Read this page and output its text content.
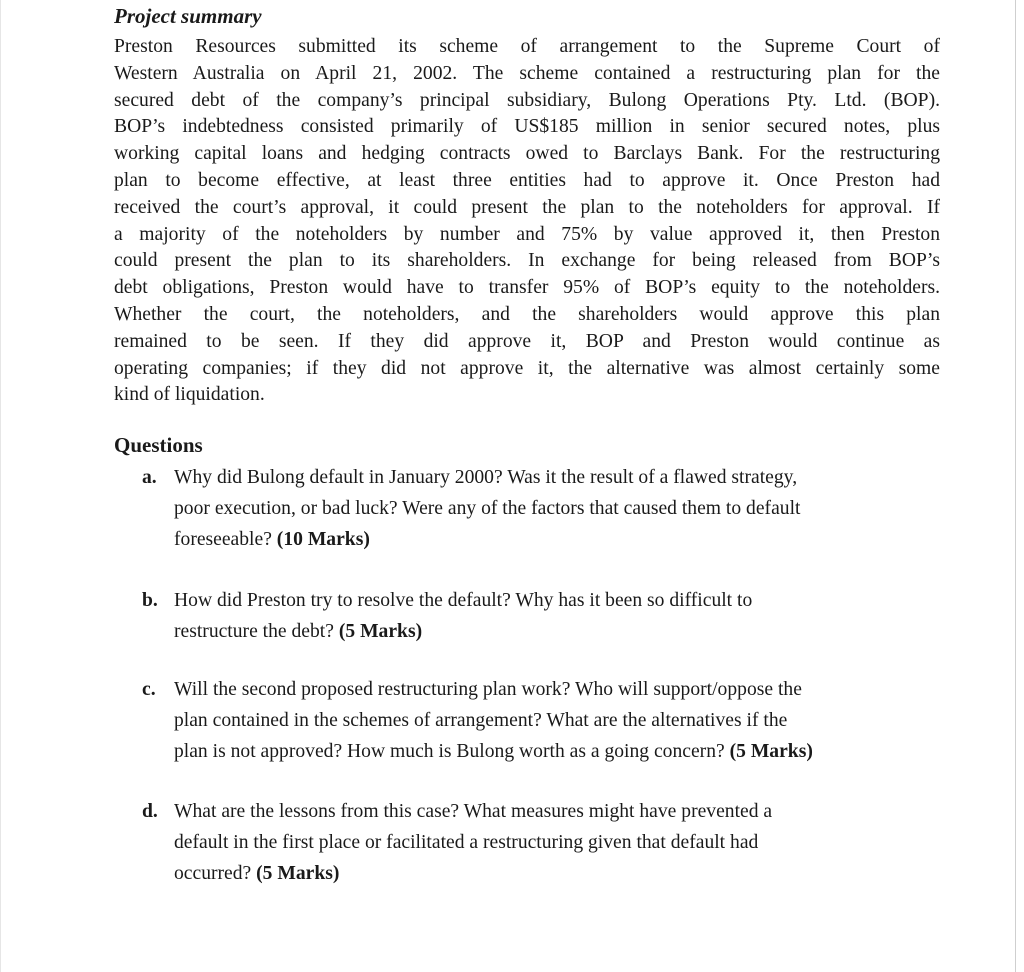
Project summary
Preston Resources submitted its scheme of arrangement to the Supreme Court of
Western Australia on April 21, 2002. The scheme contained a restructuring plan for the
secured debt of the company’s principal subsidiary, Bulong Operations Pty. Ltd. (BOP).
BOP’s indebtedness consisted primarily of US$185 million in senior secured notes, plus
working capital loans and hedging contracts owed to Barclays Bank. For the restructuring
plan to become effective, at least three entities had to approve it. Once Preston had
received the court’s approval, it could present the plan to the noteholders for approval. If
a majority of the noteholders by number and 75% by value approved it, then Preston
could present the plan to its shareholders. In exchange for being released from BOP’s
debt obligations, Preston would have to transfer 95% of BOP’s equity to the noteholders.
Whether the court, the noteholders, and the shareholders would approve this plan
remained to be seen. If they did approve it, BOP and Preston would continue as
operating companies; if they did not approve it, the alternative was almost certainly some
kind of liquidation.
Questions
a. Why did Bulong default in January 2000? Was it the result of a flawed strategy,
poor execution, or bad luck? Were any of the factors that caused them to default
foreseeable? (10 Marks)
b. How did Preston try to resolve the default? Why has it been so difficult to
restructure the debt? (5 Marks)
c. Will the second proposed restructuring plan work? Who will support/oppose the
plan contained in the schemes of arrangement? What are the alternatives if the
plan is not approved? How much is Bulong worth as a going concern? (5 Marks)
d. What are the lessons from this case? What measures might have prevented a
default in the first place or facilitated a restructuring given that default had
occurred? (5 Marks)
